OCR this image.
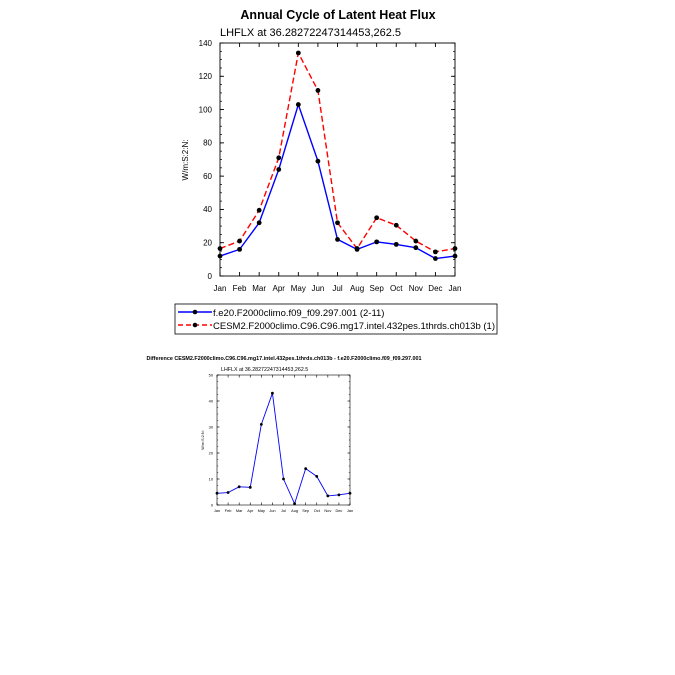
Annual Cycle of Latent Heat Flux
LHFLX at 36.28272247314453,262.5
W/m:S:2:N:
Jan Feb Mar Apr May Jun Jul Aug Sep Oct Nov Dec Jan
0
20
40
60
80
100
120
140
f.e20.F2000climo.f09_f09.297.001 (2-11)
CESM2.F2000climo.C96.C96.mg17.intel.432pes.1thrds.ch013b (1)
Difference CESM2.F2000climo.C96.C96.mg17.intel.432pes.1thrds.ch013b - f.e20.F2000climo.f09_f09.297.001
LHFLX at 36.28272247314453,262.5
W/m:S:2:N:
Jan Feb Mar Apr May Jun Jul Aug Sep Oct Nov Dec Jan
0
10
20
30
40
50
